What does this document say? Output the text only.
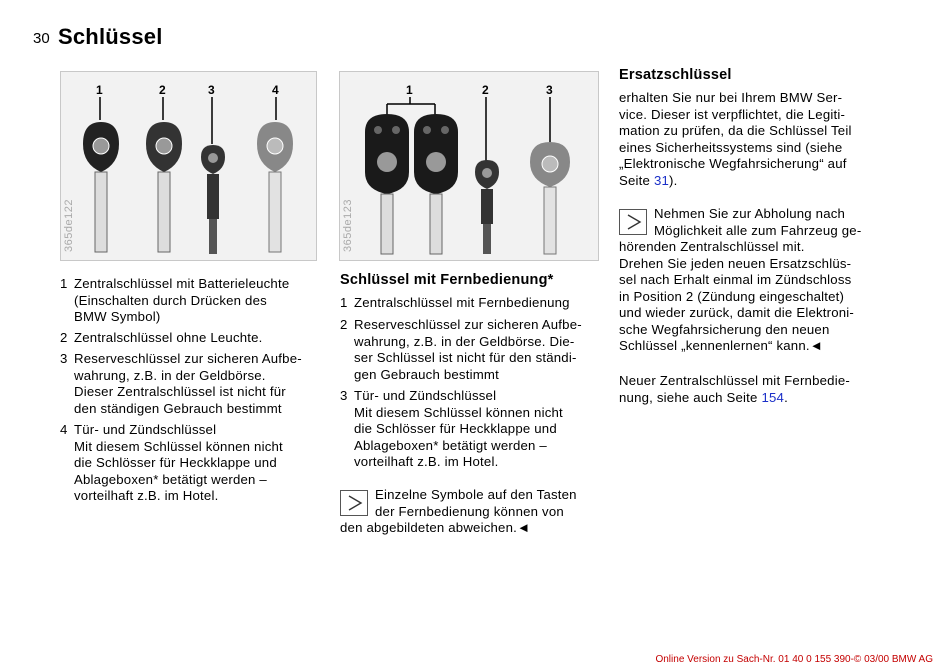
30 Schlüssel
1	2	3	4
365de122
1	2	3
365de123
1 Zentralschlüssel mit Batterieleuchte
(Einschalten durch Drücken des
BMW Symbol)
2 Zentralschlüssel ohne Leuchte.
3 Reserveschlüssel zur sicheren Aufbe-
wahrung, z.B. in der Geldbörse.
Dieser Zentralschlüssel ist nicht für
den ständigen Gebrauch bestimmt
4 Tür- und Zündschlüssel
Mit diesem Schlüssel können nicht
die Schlösser für Heckklappe und
Ablageboxen* betätigt werden –
vorteilhaft z.B. im Hotel.
Schlüssel mit Fernbedienung*
1 Zentralschlüssel mit Fernbedienung
2 Reserveschlüssel zur sicheren Aufbe-
wahrung, z.B. in der Geldbörse. Die-
ser Schlüssel ist nicht für den ständi-
gen Gebrauch bestimmt
3 Tür- und Zündschlüssel
Mit diesem Schlüssel können nicht
die Schlösser für Heckklappe und
Ablageboxen* betätigt werden –
vorteilhaft z.B. im Hotel.
Einzelne Symbole auf den Tasten
der Fernbedienung können von
den abgebildeten abweichen.◄
Ersatzschlüssel
erhalten Sie nur bei Ihrem BMW Ser-
vice. Dieser ist verpflichtet, die Legiti-
mation zu prüfen, da die Schlüssel Teil
eines Sicherheitssystems sind (siehe
„Elektronische Wegfahrsicherung“ auf
Seite 31).
Nehmen Sie zur Abholung nach
Möglichkeit alle zum Fahrzeug ge-
hörenden Zentralschlüssel mit.
Drehen Sie jeden neuen Ersatzschlüs-
sel nach Erhalt einmal im Zündschloss
in Position 2 (Zündung eingeschaltet)
und wieder zurück, damit die Elektroni-
sche Wegfahrsicherung den neuen
Schlüssel „kennenlernen“ kann.◄
Neuer Zentralschlüssel mit Fernbedie-
nung, siehe auch Seite 154.
Online Version zu Sach-Nr. 01 40 0 155 390-© 03/00 BMW AG
